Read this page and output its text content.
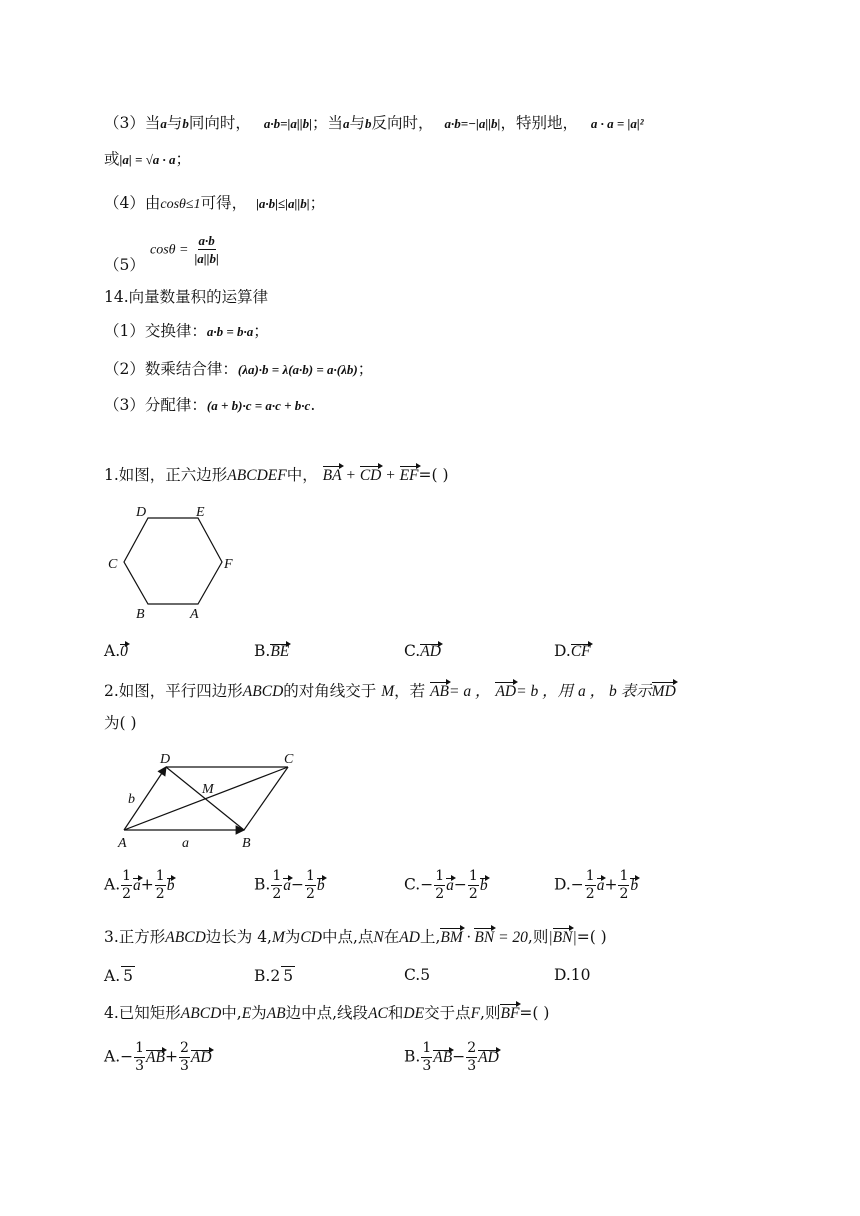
（3）当a与b同向时， a·b=|a||b|；当a与b反向时， a·b=−|a||b|，特别地， a · a = |a|²
或|a| = √a · a；
（4）由cosθ≤1可得， |a·b|≤|a||b|；
（5）
$\cos\theta = \frac{a\cdot b}{|a||b|}$
14.向量数量积的运算律
（1）交换律：a·b = b·a；
（2）数乘结合律：(λa)·b = λ(a·b) = a·(λb)；
（3）分配律：(a + b)·c = a·c + b·c.
1.如图，正六边形ABCDEF中， BA + CD + EF=( )
D	E
C	F
B	A
A.0	B.BE	C.AD	D.CF
2.如图，平行四边形ABCD的对角线交于 M，若 AB= a ， AD= b ，用 a ， b 表示MD
为( )
D	C
M
b
A	a	B
A. $\frac{1}{2} a+ \frac{1}{2}$ b	B. $\frac{1}{2} a- \frac{1}{2}$ b	$C.- \frac{1}{2} a- \frac{1}{2}$ b	$D.- \frac{1}{2} a+ \frac{1}{2}$ b
3.正方形ABCD边长为 4,M为CD中点,点N在AD上,BM · BN = 20,则|BN|=( )
A. 5	B.2 5	C.5	D.10
4.已知矩形ABCD中,E为AB边中点,线段AC和DE交于点F,则BF=( )
$A.- \frac{1}{3} AB+ \frac{2}{3}$ AD	B. $\frac{1}{3} AB- \frac{2}{3}$ AD
